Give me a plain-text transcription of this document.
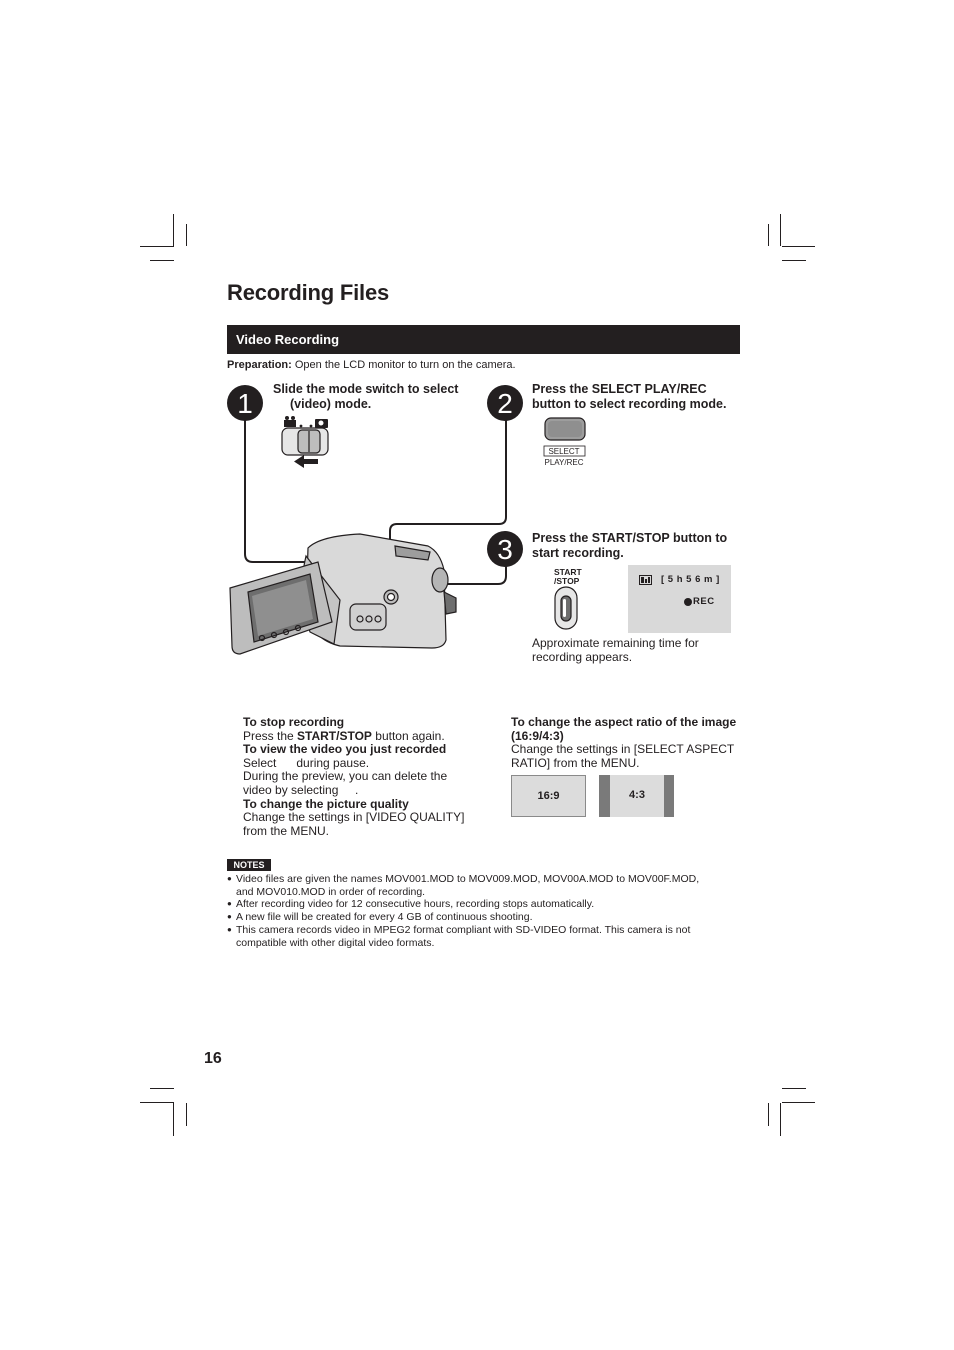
Recording Files
Video Recording
Preparation: Open the LCD monitor to turn on the camera.
1	2
3
SELECT
PLAY/REC
START
/STOP
Slide the mode switch to select
(video) mode.
Press the SELECT PLAY/REC
button to select recording mode.
Press the START/STOP button to
start recording.
[ 5 h 5 6 m ]
REC
Approximate remaining time for
recording appears.
To stop recording
Press the START/STOP button again.
To view the video you just recorded
Select      during pause.
During the preview, you can delete the
video by selecting     .
To change the picture quality
Change the settings in [VIDEO QUALITY]
from the MENU.
To change the aspect ratio of the image
(16:9/4:3)
Change the settings in [SELECT ASPECT
RATIO] from the MENU.
16:9	4:3
NOTES
● Video files are given the names MOV001.MOD to MOV009.MOD, MOV00A.MOD to MOV00F.MOD,
and MOV010.MOD in order of recording.
● After recording video for 12 consecutive hours, recording stops automatically.
● A new file will be created for every 4 GB of continuous shooting.
● This camera records video in MPEG2 format compliant with SD-VIDEO format. This camera is not
compatible with other digital video formats.
16
